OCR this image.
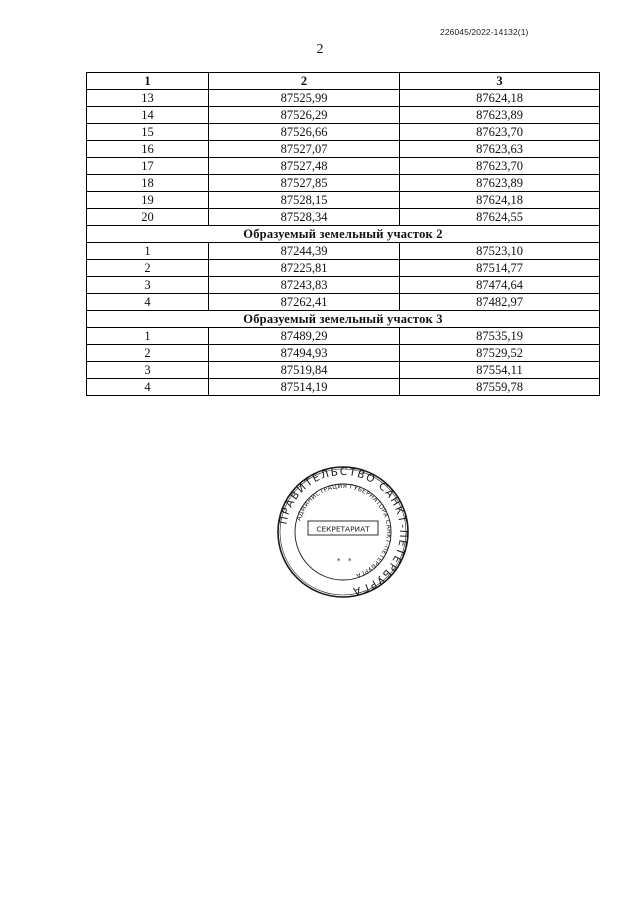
226045/2022-14132(1)
2
1	2	3
13	87525,99	87624,18
14	87526,29	87623,89
15	87526,66	87623,70
16	87527,07	87623,63
17	87527,48	87623,70
18	87527,85	87623,89
19	87528,15	87624,18
20	87528,34	87624,55
Образуемый земельный участок 2		
1	87244,39	87523,10
2	87225,81	87514,77
3	87243,83	87474,64
4	87262,41	87482,97
Образуемый земельный участок 3		
1	87489,29	87535,19
2	87494,93	87529,52
3	87519,84	87554,11
4	87514,19	87559,78
ПРАВИТЕЛЬСТВО САНКТ-ПЕТЕРБУРГА
АДМИНИСТРАЦИЯ ГУБЕРНАТОРА САНКТ-ПЕТЕРБУРГА
СЕКРЕТАРИАТ
* *
